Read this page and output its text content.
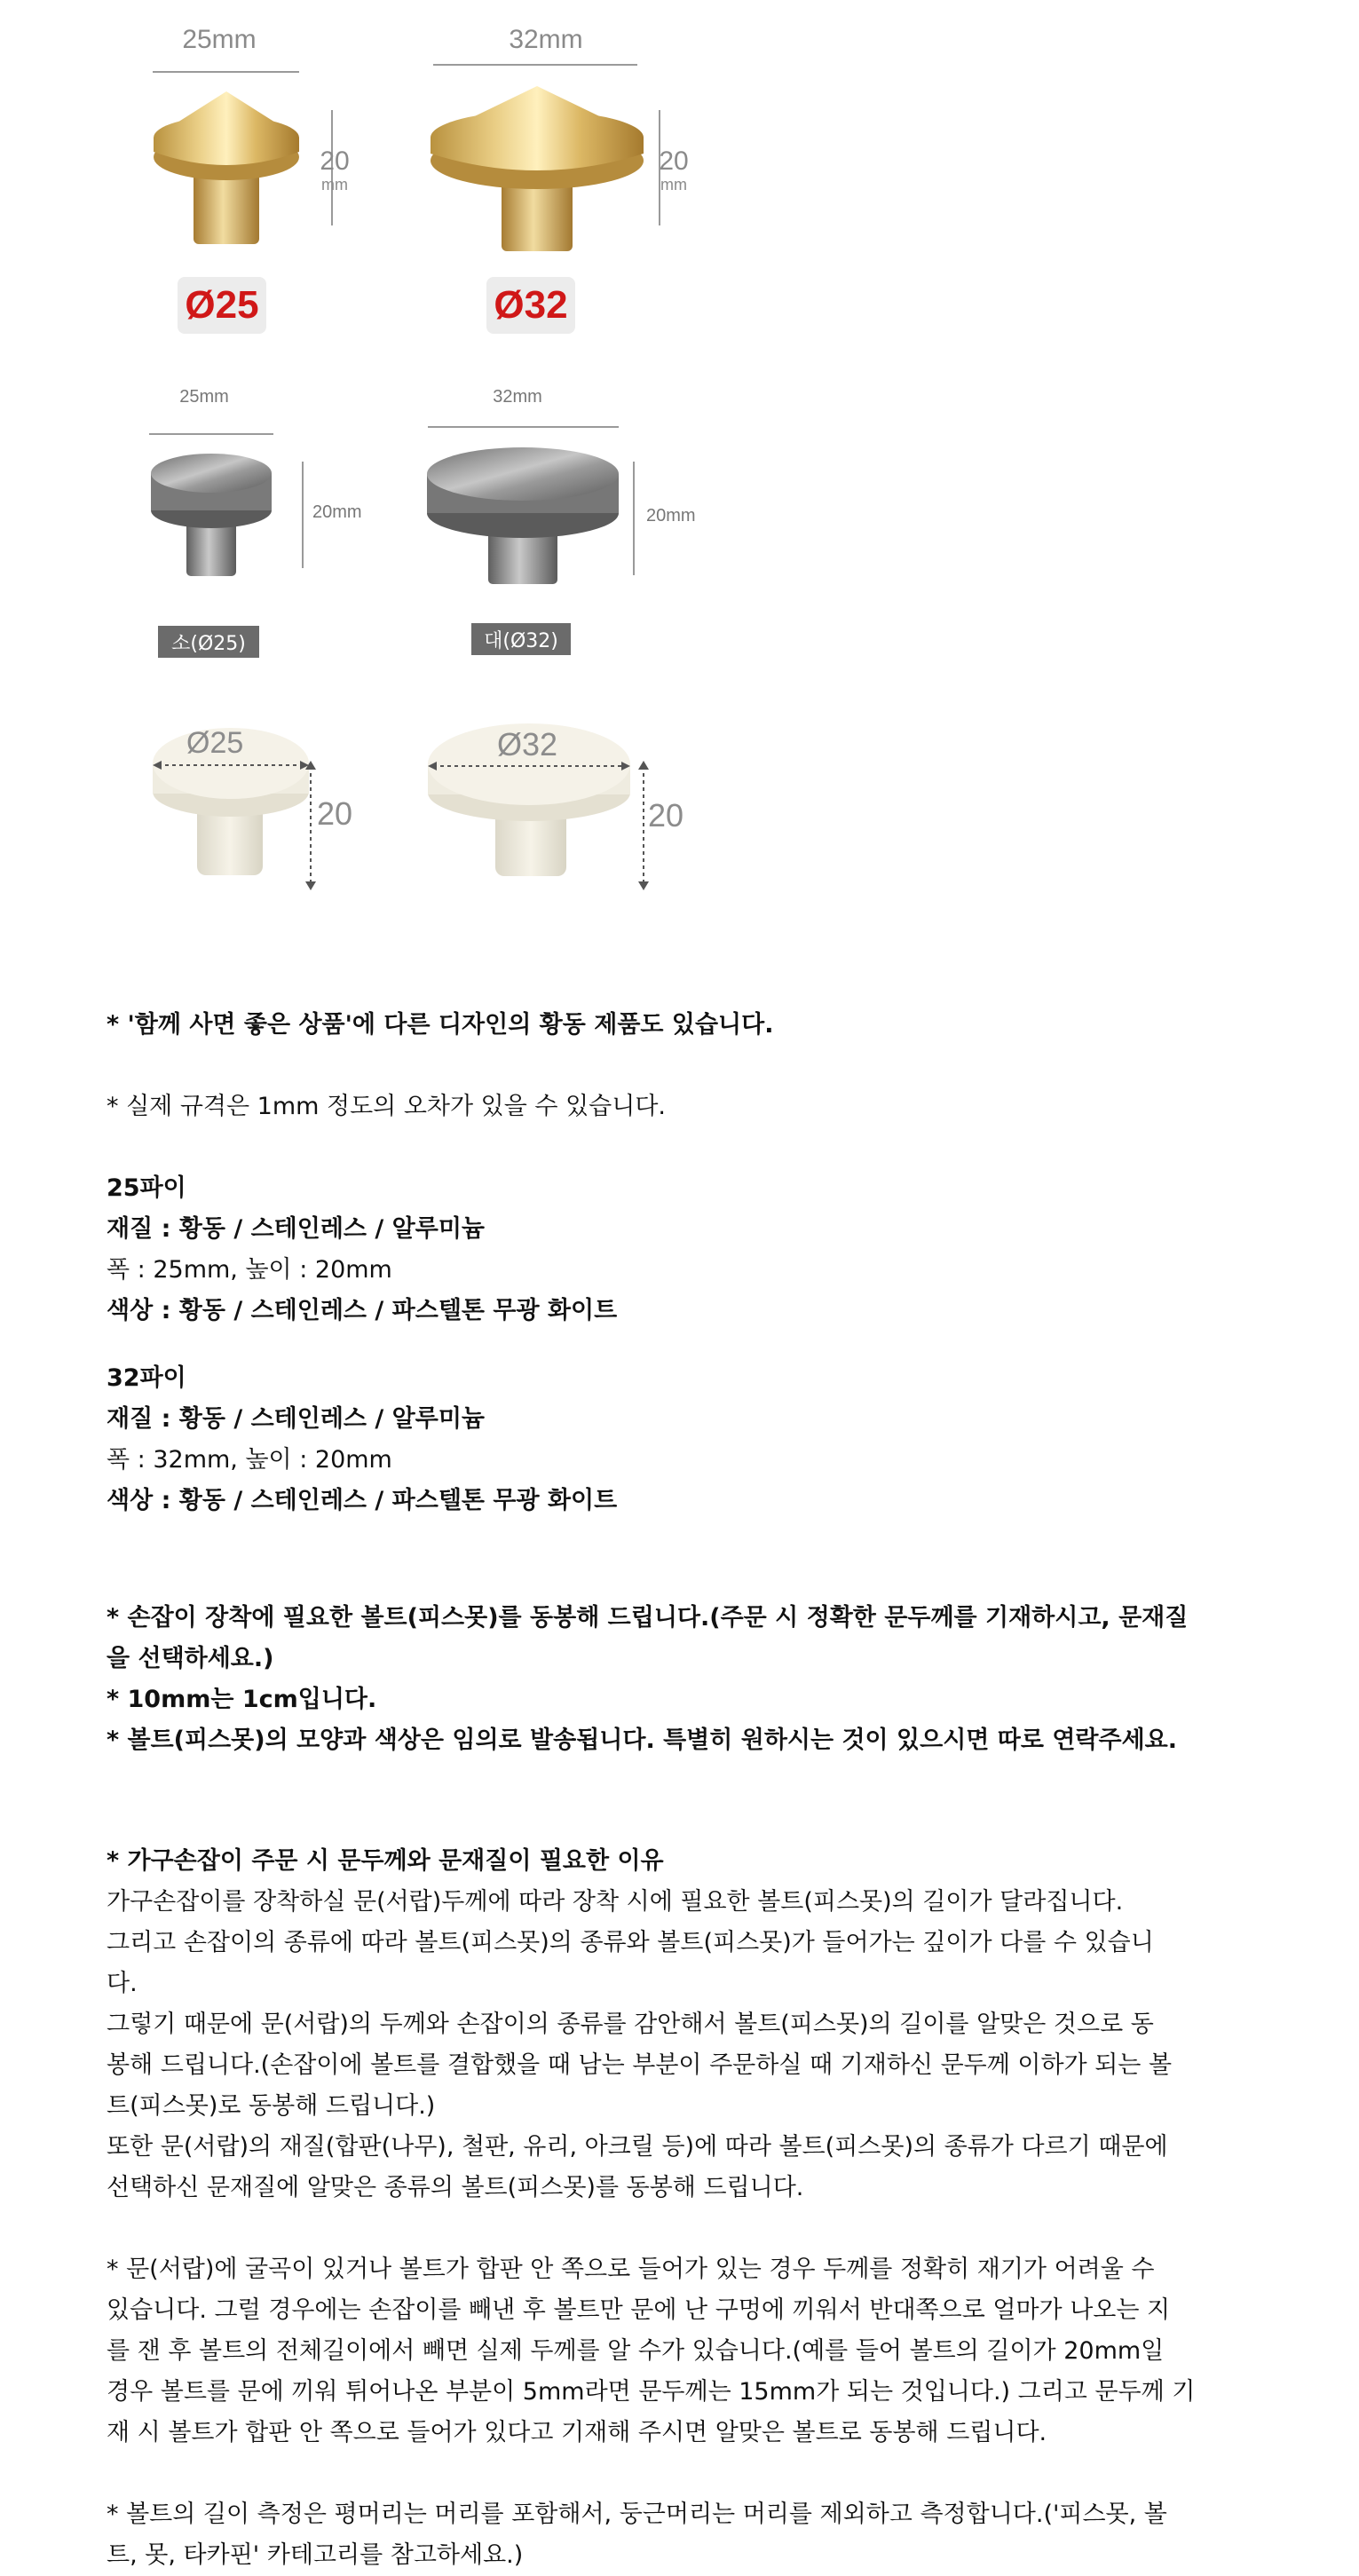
25mm
20
mm
Ø25
32mm
20
mm
Ø32
25mm
20mm
소(Ø25)
32mm
20mm
대(Ø32)
Ø25
20
Ø32
20

* '함께 사면 좋은 상품'에 다른 디자인의 황동 제품도 있습니다.

* 실제 규격은 1mm 정도의 오차가 있을 수 있습니다.

25파이

재질 : 황동 / 스테인레스 / 알루미늄

폭 : 25mm, 높이 : 20mm

색상 : 황동 / 스테인레스 / 파스텔톤 무광 화이트

32파이

재질 : 황동 / 스테인레스 / 알루미늄

폭 : 32mm, 높이 : 20mm

색상 : 황동 / 스테인레스 / 파스텔톤 무광 화이트

* 손잡이 장착에 필요한 볼트(피스못)를 동봉해 드립니다.(주문 시 정확한 문두께를 기재하시고, 문재질

을 선택하세요.)

* 10mm는 1cm입니다.

* 볼트(피스못)의 모양과 색상은 임의로 발송됩니다. 특별히 원하시는 것이 있으시면 따로 연락주세요.

* 가구손잡이 주문 시 문두께와 문재질이 필요한 이유

가구손잡이를 장착하실 문(서랍)두께에 따라 장착 시에 필요한 볼트(피스못)의 길이가 달라집니다.

그리고 손잡이의 종류에 따라 볼트(피스못)의 종류와 볼트(피스못)가 들어가는 깊이가 다를 수 있습니

다.

그렇기 때문에 문(서랍)의 두께와 손잡이의 종류를 감안해서 볼트(피스못)의 길이를 알맞은 것으로 동

봉해 드립니다.(손잡이에 볼트를 결합했을 때 남는 부분이 주문하실 때 기재하신 문두께 이하가 되는 볼

트(피스못)로 동봉해 드립니다.)

또한 문(서랍)의 재질(합판(나무), 철판, 유리, 아크릴 등)에 따라 볼트(피스못)의 종류가 다르기 때문에

선택하신 문재질에 알맞은 종류의 볼트(피스못)를 동봉해 드립니다.

* 문(서랍)에 굴곡이 있거나 볼트가 합판 안 쪽으로 들어가 있는 경우 두께를 정확히 재기가 어려울 수

있습니다. 그럴 경우에는 손잡이를 빼낸 후 볼트만 문에 난 구멍에 끼워서 반대쪽으로 얼마가 나오는 지

를 잰 후 볼트의 전체길이에서 빼면 실제 두께를 알 수가 있습니다.(예를 들어 볼트의 길이가 20mm일

경우 볼트를 문에 끼워 튀어나온 부분이 5mm라면 문두께는 15mm가 되는 것입니다.) 그리고 문두께 기

재 시 볼트가 합판 안 쪽으로 들어가 있다고 기재해 주시면 알맞은 볼트로 동봉해 드립니다.

* 볼트의 길이 측정은 평머리는 머리를 포함해서, 둥근머리는 머리를 제외하고 측정합니다.('피스못, 볼

트, 못, 타카핀' 카테고리를 참고하세요.)
